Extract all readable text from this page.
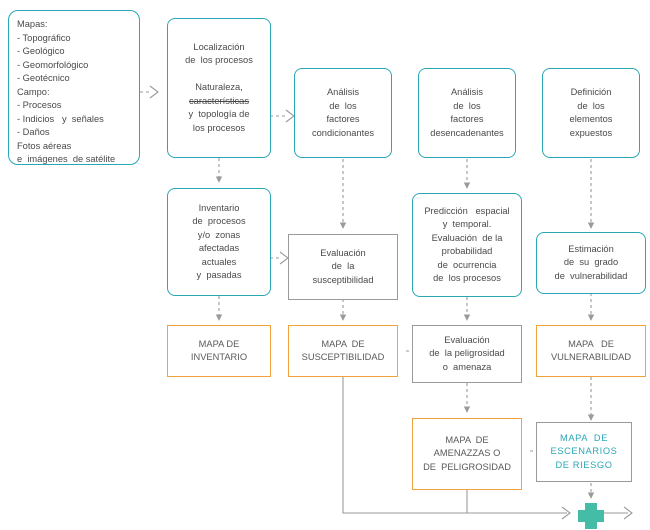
Mapas:
- Topográfico
- Geológico
- Geomorfológico
- Geotécnico
Campo:
- Procesos
- Indicios   y  señales
- Daños
Fotos aéreas
e  imágenes  de satélite
Localización
de  los procesos

Naturaleza,
características
y  topología de
los procesos
Análisis
de  los
factores
condicionantes
Análisis
de  los
factores
desencadenantes
Definición
de  los
elementos
expuestos
Inventario
de  procesos
y/o  zonas
afectadas
actuales
y  pasadas
Evaluación
de  la
susceptibilidad
Predicción   espacial
y  temporal.
Evaluación  de la
probabilidad
de  ocurrencia
de  los procesos
Estimación
de  su  grado
de  vulnerabilidad
MAPA DE
INVENTARIO
MAPA  DE
SUSCEPTIBILIDAD
Evaluación
de  la peligrosidad
o  amenaza
MAPA   DE
VULNERABILIDAD
MAPA  DE
AMENAZZAS O
DE  PELIGROSIDAD
MAPA  DE
ESCENARIOS
DE RIESGO
